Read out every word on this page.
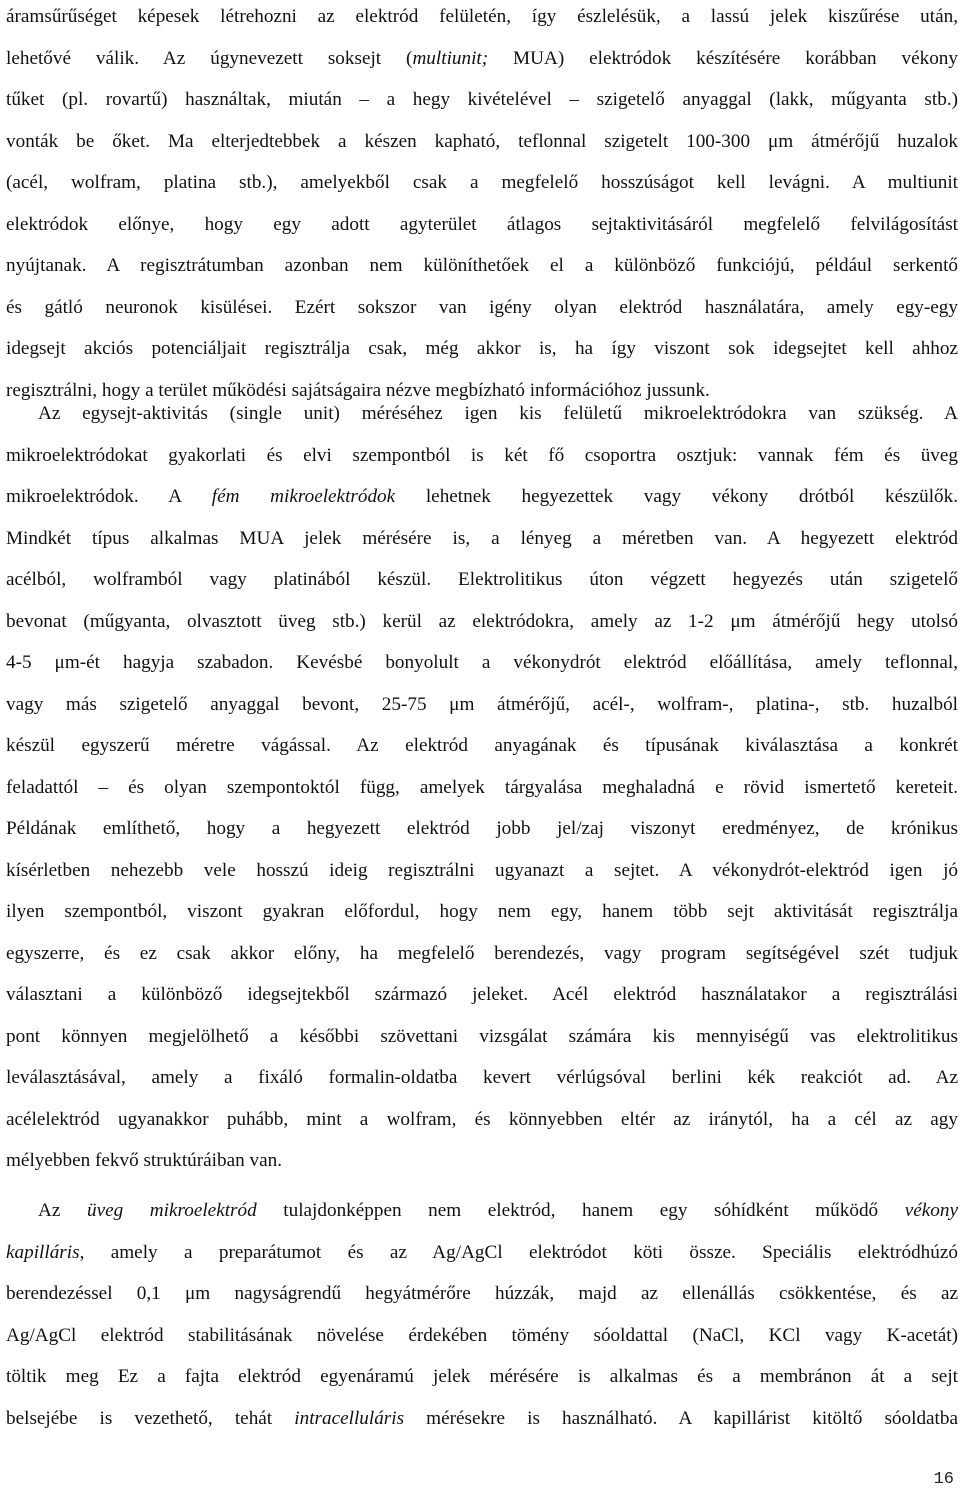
áramsűrűséget képesek létrehozni az elektród felületén, így észlelésük, a lassú jelek kiszűrése után,
lehetővé válik. Az úgynevezett soksejt (multiunit; MUA) elektródok készítésére korábban vékony
tűket (pl. rovartű) használtak, miután – a hegy kivételével – szigetelő anyaggal (lakk, műgyanta stb.)
vonták be őket. Ma elterjedtebbek a készen kapható, teflonnal szigetelt 100-300 μm átmérőjű huzalok
(acél, wolfram, platina stb.), amelyekből csak a megfelelő hosszúságot kell levágni. A multiunit
elektródok előnye, hogy egy adott agyterület átlagos sejtaktivitásáról megfelelő felvilágosítást
nyújtanak. A regisztrátumban azonban nem különíthetőek el a különböző funkciójú, például serkentő
és gátló neuronok kisülései. Ezért sokszor van igény olyan elektród használatára, amely egy-egy
idegsejt akciós potenciáljait regisztrálja csak, még akkor is, ha így viszont sok idegsejtet kell ahhoz
regisztrálni, hogy a terület működési sajátságaira nézve megbízható információhoz jussunk.
Az egysejt-aktivitás (single unit) méréséhez igen kis felületű mikroelektródokra van szükség. A
mikroelektródokat gyakorlati és elvi szempontból is két fő csoportra osztjuk: vannak fém és üveg
mikroelektródok. A fém mikroelektródok lehetnek hegyezettek vagy vékony drótból készülők.
Mindkét típus alkalmas MUA jelek mérésére is, a lényeg a méretben van. A hegyezett elektród
acélból, wolframból vagy platinából készül. Elektrolitikus úton végzett hegyezés után szigetelő
bevonat (műgyanta, olvasztott üveg stb.) kerül az elektródokra, amely az 1-2 μm átmérőjű hegy utolsó
4-5 μm-ét hagyja szabadon. Kevésbé bonyolult a vékonydrót elektród előállítása, amely teflonnal,
vagy más szigetelő anyaggal bevont, 25-75 μm átmérőjű, acél-, wolfram-, platina-, stb. huzalból
készül egyszerű méretre vágással. Az elektród anyagának és típusának kiválasztása a konkrét
feladattól – és olyan szempontoktól függ, amelyek tárgyalása meghaladná e rövid ismertető kereteit.
Példának említhető, hogy a hegyezett elektród jobb jel/zaj viszonyt eredményez, de krónikus
kísérletben nehezebb vele hosszú ideig regisztrálni ugyanazt a sejtet. A vékonydrót-elektród igen jó
ilyen szempontból, viszont gyakran előfordul, hogy nem egy, hanem több sejt aktivitását regisztrálja
egyszerre, és ez csak akkor előny, ha megfelelő berendezés, vagy program segítségével szét tudjuk
választani a különböző idegsejtekből származó jeleket. Acél elektród használatakor a regisztrálási
pont könnyen megjelölhető a későbbi szövettani vizsgálat számára kis mennyiségű vas elektrolitikus
leválasztásával, amely a fixáló formalin-oldatba kevert vérlúgsóval berlini kék reakciót ad. Az
acélelektród ugyanakkor puhább, mint a wolfram, és könnyebben eltér az iránytól, ha a cél az agy
mélyebben fekvő struktúráiban van.
Az üveg mikroelektród tulajdonképpen nem elektród, hanem egy sóhídként működő vékony
kapilláris, amely a preparátumot és az Ag/AgCl elektródot köti össze. Speciális elektródhúzó
berendezéssel 0,1 μm nagyságrendű hegyátmérőre húzzák, majd az ellenállás csökkentése, és az
Ag/AgCl elektród stabilitásának növelése érdekében tömény sóoldattal (NaCl, KCl vagy K-acetát)
töltik meg Ez a fajta elektród egyenáramú jelek mérésére is alkalmas és a membránon át a sejt
belsejébe is vezethető, tehát intracelluláris mérésekre is használható. A kapillárist kitöltő sóoldatba
16
